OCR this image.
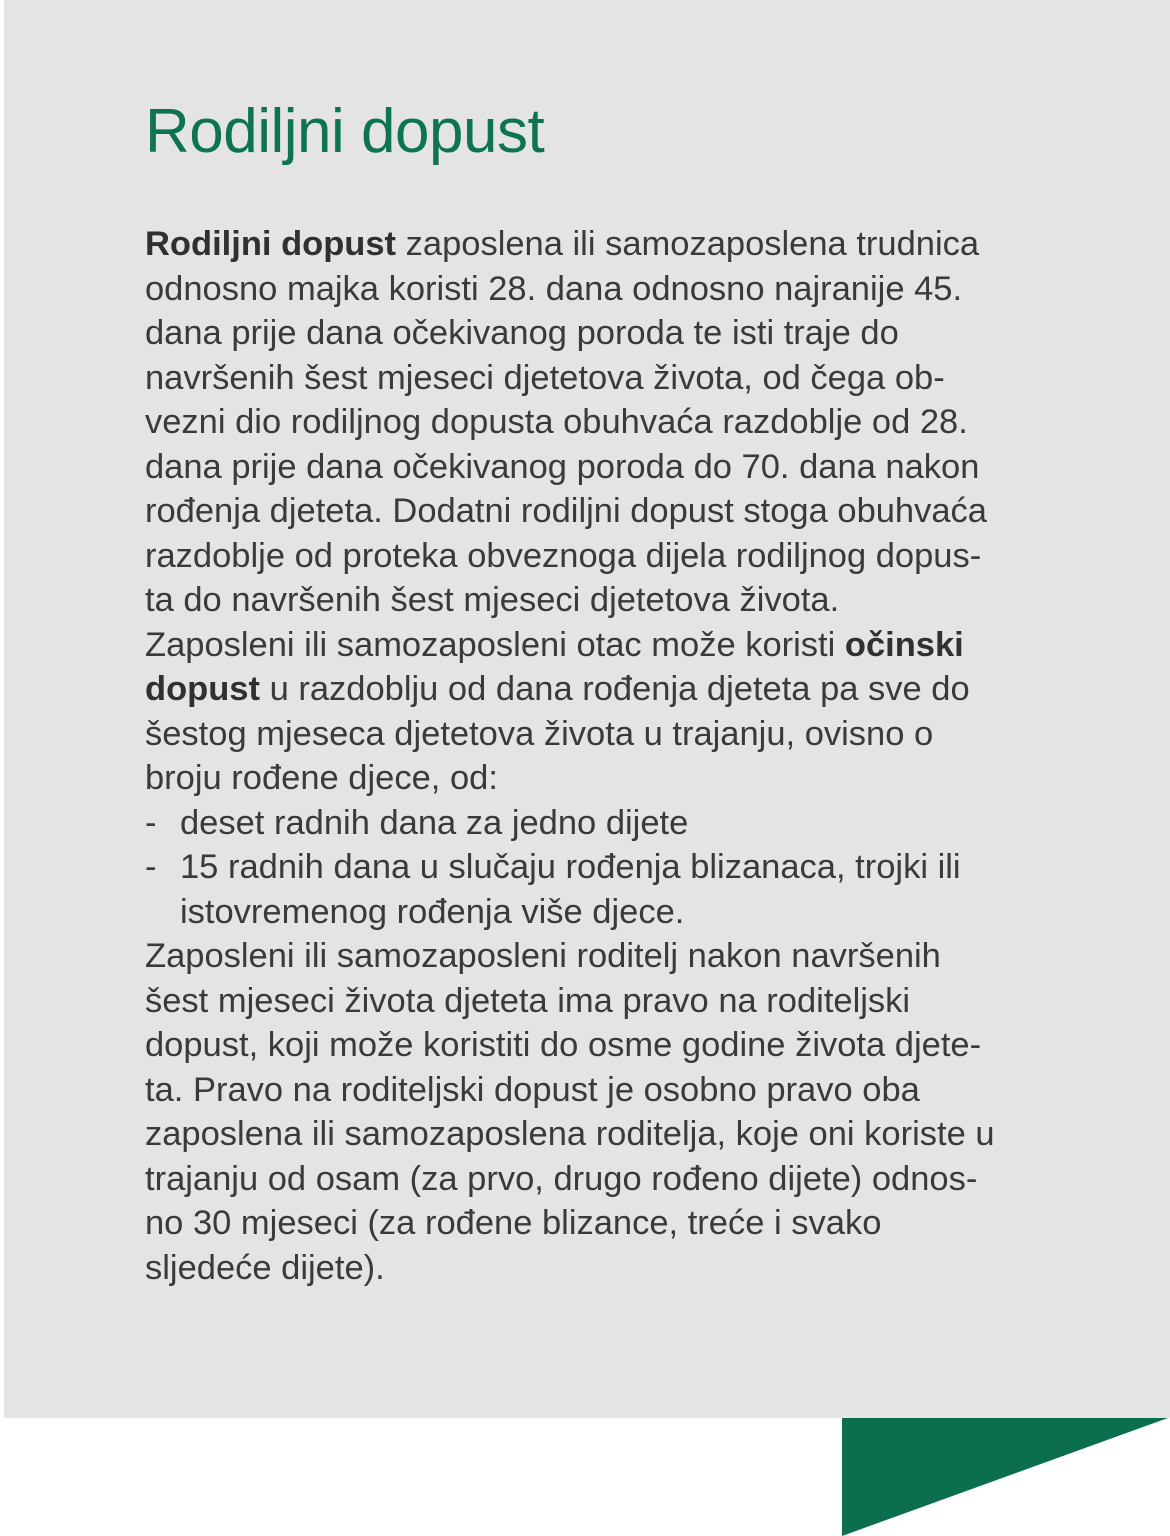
Rodiljni dopust
Rodiljni dopust zaposlena ili samozaposlena trudnica
odnosno majka koristi 28. dana odnosno najranije 45.
dana prije dana očekivanog poroda te isti traje do
navršenih šest mjeseci djetetova života, od čega ob-
vezni dio rodiljnog dopusta obuhvaća razdoblje od 28.
dana prije dana očekivanog poroda do 70. dana nakon
rođenja djeteta. Dodatni rodiljni dopust stoga obuhvaća
razdoblje od proteka obveznoga dijela rodiljnog dopus-
ta do navršenih šest mjeseci djetetova života.
Zaposleni ili samozaposleni otac može koristi očinski
dopust u razdoblju od dana rođenja djeteta pa sve do
šestog mjeseca djetetova života u trajanju, ovisno o
broju rođene djece, od:
- deset radnih dana za jedno dijete
- 15 radnih dana u slučaju rođenja blizanaca, trojki ili
istovremenog rođenja više djece.
Zaposleni ili samozaposleni roditelj nakon navršenih
šest mjeseci života djeteta ima pravo na roditeljski
dopust, koji može koristiti do osme godine života djete-
ta. Pravo na roditeljski dopust je osobno pravo oba
zaposlena ili samozaposlena roditelja, koje oni koriste u
trajanju od osam (za prvo, drugo rođeno dijete) odnos-
no 30 mjeseci (za rođene blizance, treće i svako
sljedeće dijete).
